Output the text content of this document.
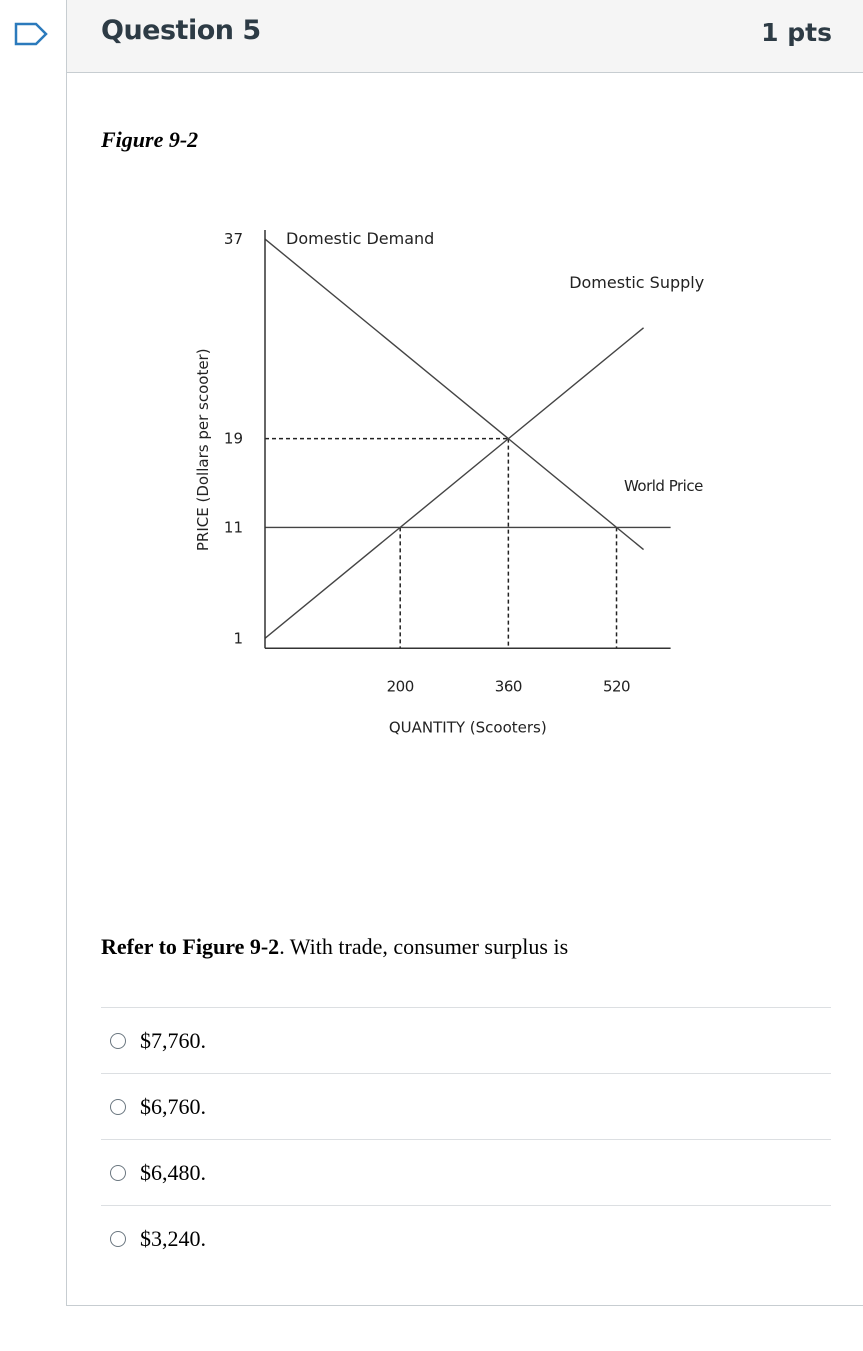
Question 5	1 pts
Figure 9-2
Refer to Figure 9-2. With trade, consumer surplus is
$7,760.
$6,760.
$6,480.
$3,240.
1
11
19
37
200	360	520
PRICE (Dollars per scooter)
QUANTITY (Scooters)
Domestic Demand
Domestic Supply
World Price
